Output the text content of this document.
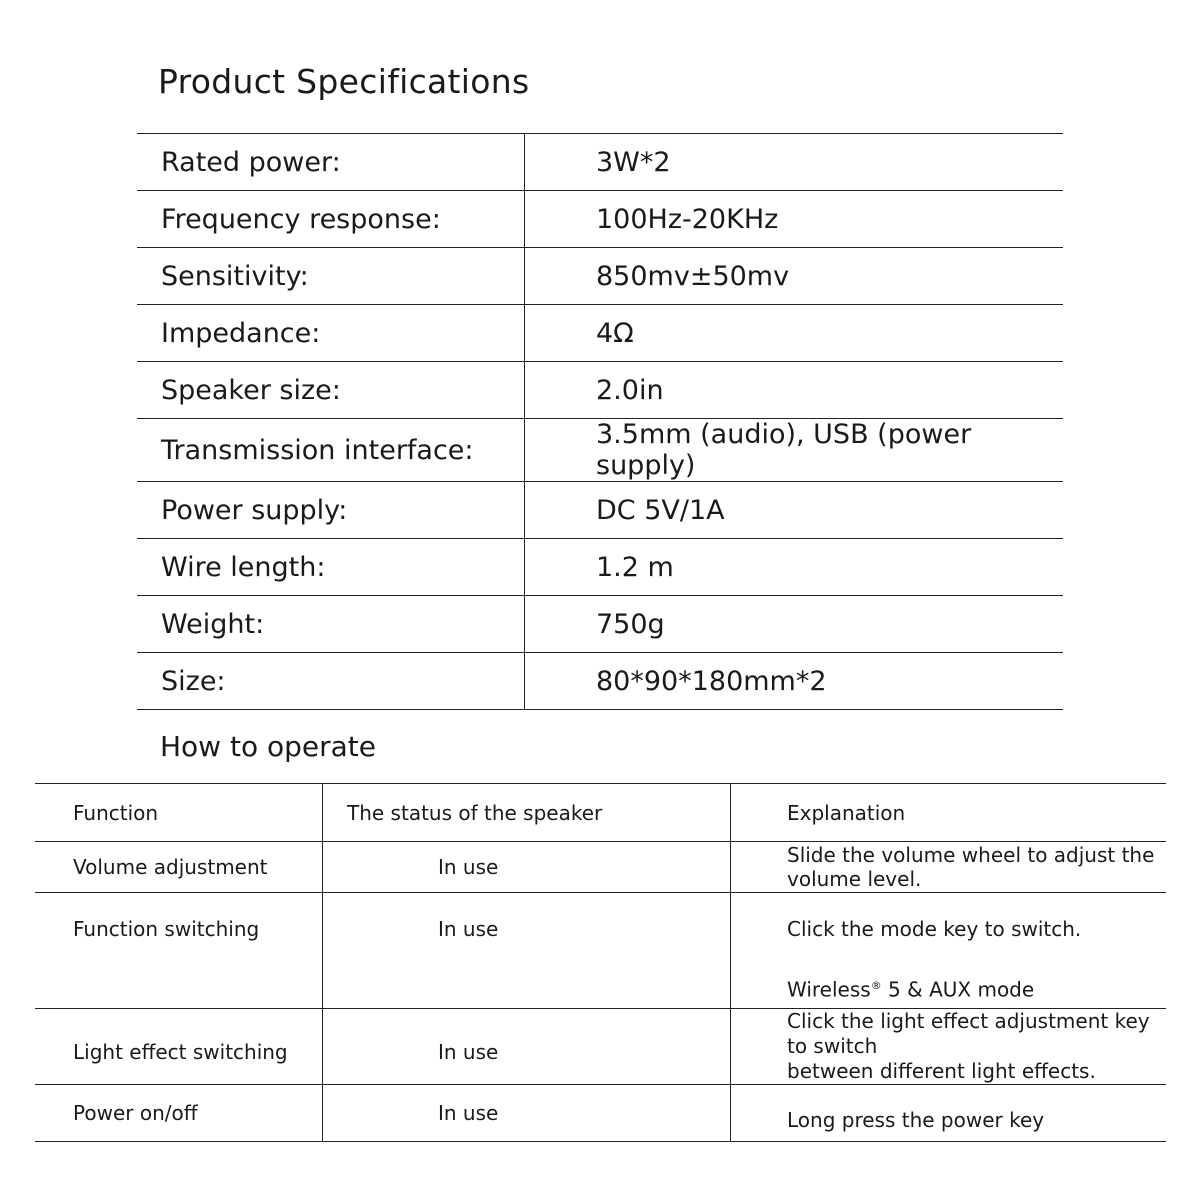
Product Specifications
Rated power:	3W*2
Frequency response:	100Hz-20KHz
Sensitivity:	850mv±50mv
Impedance:	4Ω
Speaker size:	2.0in
Transmission interface:	3.5mm (audio), USB (power supply)
Power supply:	DC 5V/1A
Wire length:	1.2 m
Weight:	750g
Size:	80*90*180mm*2
How to operate
Function	The status of the speaker	Explanation
Volume adjustment	In use	Slide the volume wheel to adjust the volume level.
Function switching	In use	Click the mode key to switch.
Wireless® 5 & AUX mode

Light effect switching	In use	Click the light effect adjustment key to switch
between different light effects.

Power on/off	In use	Long press the power key
